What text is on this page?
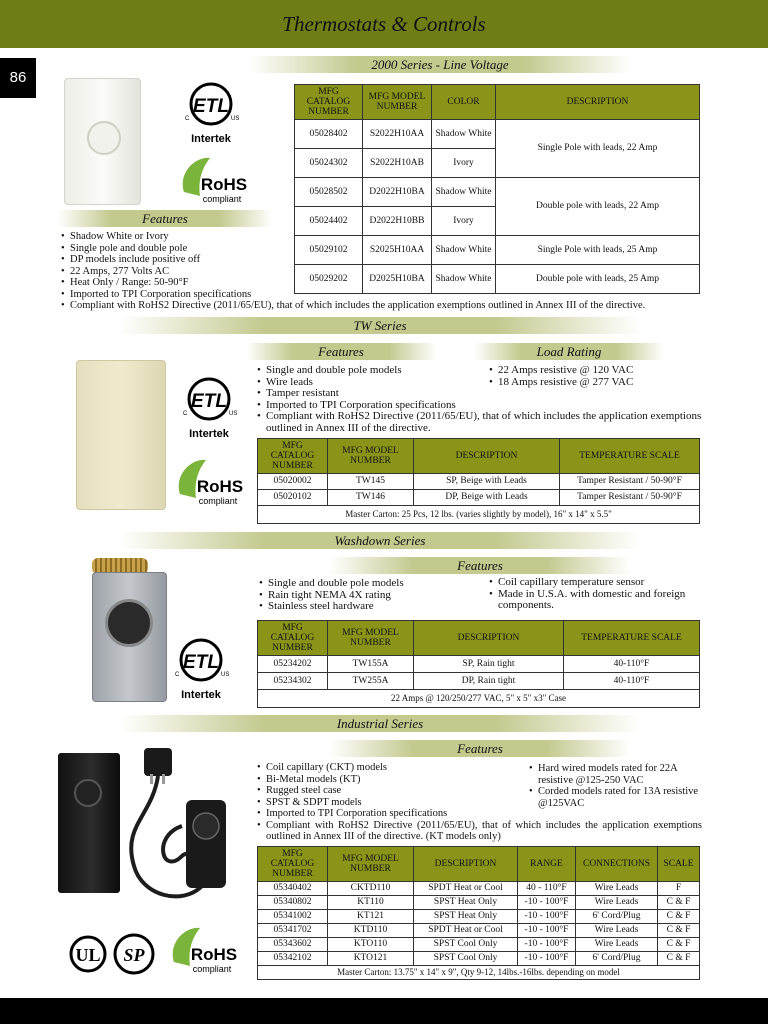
Thermostats & Controls
86
2000 Series - Line Voltage
ETL
C	US
Intertek
RoHS
compliant
Features
• Shadow White or Ivory
• Single pole and double pole
• DP models include positive off
• 22 Amps, 277 Volts AC
• Heat Only / Range: 50-90°F
• Imported to TPI Corporation specifications
• Compliant with RoHS2 Directive (2011/65/EU), that of which includes the application exemptions outlined in Annex III of the directive.
MFG CATALOG NUMBER	MFG MODEL NUMBER	COLOR	DESCRIPTION
05028402	S2022H10AA	Shadow White	Single Pole with leads, 22 Amp
05024302	S2022H10AB	Ivory	
05028502	D2022H10BA	Shadow White	Double pole with leads, 22 Amp
05024402	D2022H10BB	Ivory	
05029102	S2025H10AA	Shadow White	Single Pole with leads, 25 Amp
05029202	D2025H10BA	Shadow White	Double pole with leads, 25 Amp
TW Series
ETL
C	US
Intertek
RoHS
compliant
Features	Load Rating
• Single and double pole models
• Wire leads
• Tamper resistant
• Imported to TPI Corporation specifications
• Compliant with RoHS2 Directive (2011/65/EU), that of which includes the application exemptions outlined in Annex III of the directive.
• 22 Amps resistive @ 120 VAC
• 18 Amps resistive @ 277 VAC
MFG CATALOG NUMBER	MFG MODEL NUMBER	DESCRIPTION	TEMPERATURE SCALE
05020002	TW145	SP, Beige with Leads	Tamper Resistant / 50-90°F
05020102	TW146	DP, Beige with Leads	Tamper Resistant / 50-90°F
Master Carton: 25 Pcs, 12 lbs. (varies slightly by model), 16" x 14" x 5.5"			
Washdown Series
ETL
C	US
Intertek
Features
• Single and double pole models
• Rain tight NEMA 4X rating
• Stainless steel hardware
• Coil capillary temperature sensor
• Made in U.S.A. with domestic and foreign components.
MFG CATALOG NUMBER	MFG MODEL NUMBER	DESCRIPTION	TEMPERATURE SCALE
05234202	TW155A	SP, Rain tight	40-110°F
05234302	TW255A	DP, Rain tight	40-110°F
22 Amps @ 120/250/277 VAC, 5" x 5" x3" Case			
Industrial Series
UL SP	RoHS
compliant
Features
• Coil capillary (CKT) models
• Bi-Metal models (KT)
• Rugged steel case
• SPST & SDPT models
• Imported to TPI Corporation specifications
• Compliant with RoHS2 Directive (2011/65/EU), that of which includes the application exemptions outlined in Annex III of the directive. (KT models only)
• Hard wired models rated for 22A resistive @125-250 VAC
• Corded models rated for 13A resistive @125VAC
MFG CATALOG NUMBER	MFG MODEL NUMBER	DESCRIPTION	RANGE	CONNECTIONS	SCALE
05340402	CKTD110	SPDT Heat or Cool	40 - 110°F	Wire Leads	F
05340802	KT110	SPST Heat Only	-10 - 100°F	Wire Leads	C & F
05341002	KT121	SPST Heat Only	-10 - 100°F	6' Cord/Plug	C & F
05341702	KTD110	SPDT Heat or Cool	-10 - 100°F	Wire Leads	C & F
05343602	KTO110	SPST Cool Only	-10 - 100°F	Wire Leads	C & F
05342102	KTO121	SPST Cool Only	-10 - 100°F	6' Cord/Plug	C & F
Master Carton: 13.75" x 14" x 9", Qty 9-12, 14lbs.-16lbs. depending on model					
